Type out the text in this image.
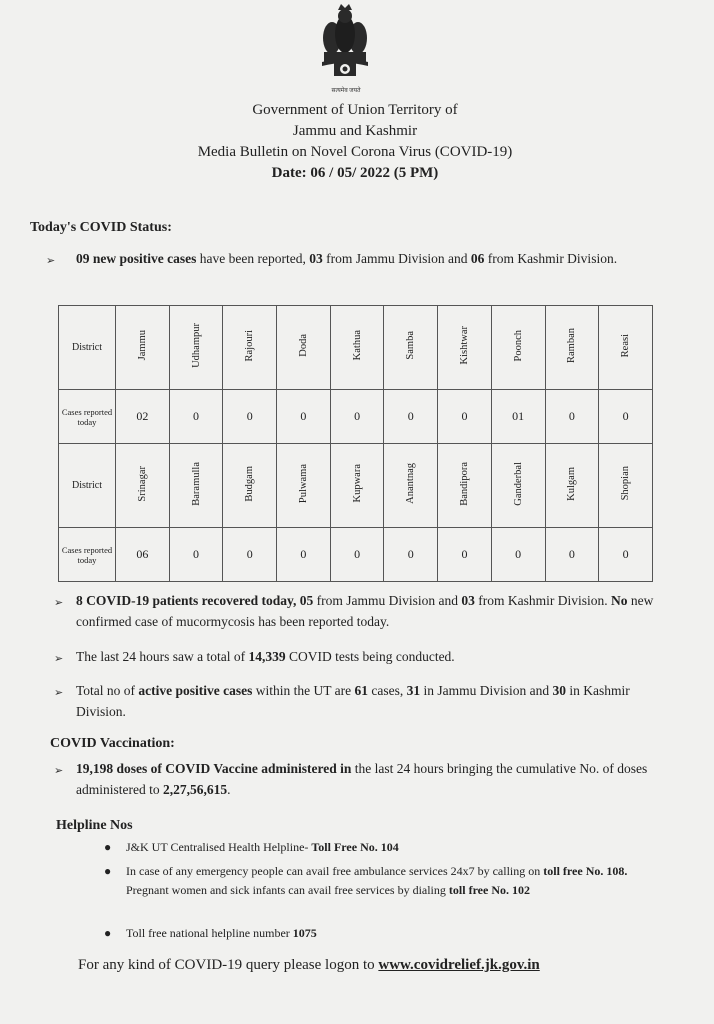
सत्यमेव जयते
Government of Union Territory of
Jammu and Kashmir
Media Bulletin on Novel Corona Virus (COVID-19)
Date: 06 / 05/ 2022 (5 PM)
Today's COVID Status:
➢ 09 new positive cases have been reported, 03 from Jammu Division and 06 from Kashmir Division.
District	Jammu	Udhampur	Rajouri	Doda	Kathua	Samba	Kishtwar	Poonch	Ramban	Reasi
Cases reported today	02	0	0	0	0	0	0	01	0	0
District	Srinagar	Baramulla	Budgam	Pulwama	Kupwara	Anantnag	Bandipora	Ganderbal	Kulgam	Shopian
Cases reported today	06	0	0	0	0	0	0	0	0	0
➢ 8 COVID-19 patients recovered today, 05 from Jammu Division and 03 from Kashmir Division. No new confirmed case of mucormycosis has been reported today.
➢ The last 24 hours saw a total of 14,339 COVID tests being conducted.
➢ Total no of active positive cases within the UT are 61 cases, 31 in Jammu Division and 30 in Kashmir Division.
COVID Vaccination:
➢ 19,198 doses of COVID Vaccine administered in the last 24 hours bringing the cumulative No. of doses administered to 2,27,56,615.
Helpline Nos
● J&K UT Centralised Health Helpline- Toll Free No. 104
● In case of any emergency people can avail free ambulance services 24x7 by calling on toll free No. 108. Pregnant women and sick infants can avail free services by dialing toll free No. 102
● Toll free national helpline number 1075
For any kind of COVID-19 query please logon to www.covidrelief.jk.gov.in
